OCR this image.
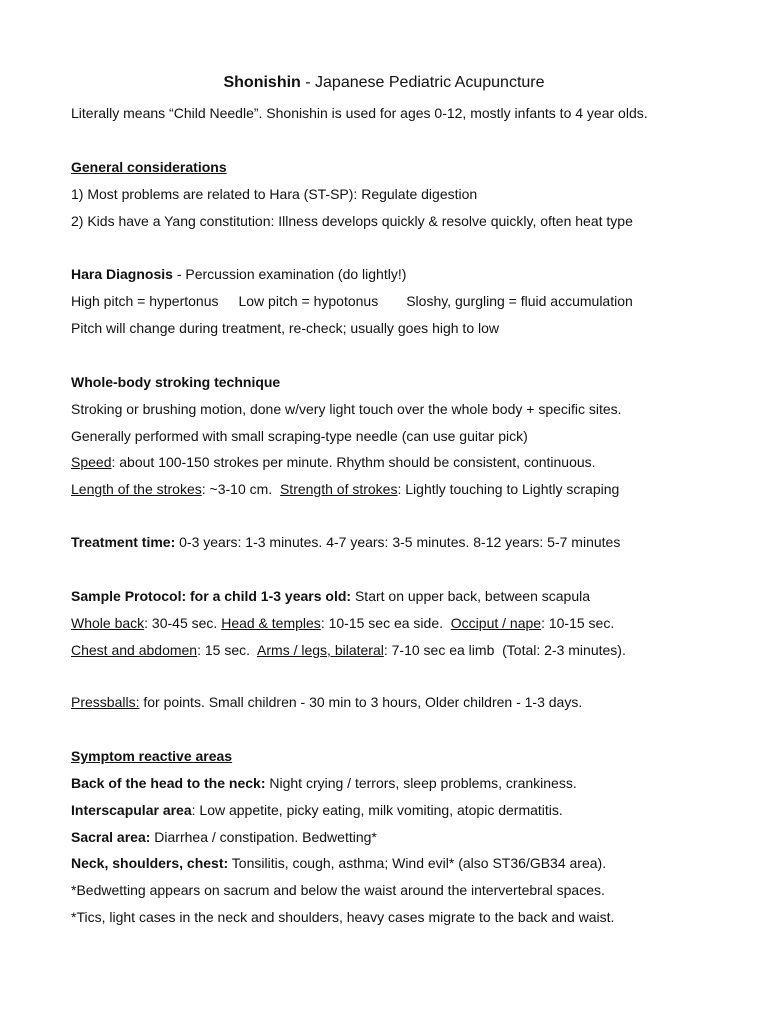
Shonishin - Japanese Pediatric Acupuncture
Literally means “Child Needle”. Shonishin is used for ages 0-12, mostly infants to 4 year olds.
General considerations
1) Most problems are related to Hara (ST-SP): Regulate digestion
2) Kids have a Yang constitution: Illness develops quickly & resolve quickly, often heat type
Hara Diagnosis - Percussion examination (do lightly!)
High pitch = hypertonus Low pitch = hypotonus Sloshy, gurgling = fluid accumulation
Pitch will change during treatment, re-check; usually goes high to low
Whole-body stroking technique
Stroking or brushing motion, done w/very light touch over the whole body + specific sites.
Generally performed with small scraping-type needle (can use guitar pick)
Speed: about 100-150 strokes per minute. Rhythm should be consistent, continuous.
Length of the strokes: ~3-10 cm.  Strength of strokes: Lightly touching to Lightly scraping
Treatment time: 0-3 years: 1-3 minutes. 4-7 years: 3-5 minutes. 8-12 years: 5-7 minutes
Sample Protocol: for a child 1-3 years old: Start on upper back, between scapula
Whole back: 30-45 sec. Head & temples: 10-15 sec ea side.  Occiput / nape: 10-15 sec.
Chest and abdomen: 15 sec.  Arms / legs, bilateral: 7-10 sec ea limb  (Total: 2-3 minutes).
Pressballs: for points. Small children - 30 min to 3 hours, Older children - 1-3 days.
Symptom reactive areas
Back of the head to the neck: Night crying / terrors, sleep problems, crankiness.
Interscapular area: Low appetite, picky eating, milk vomiting, atopic dermatitis.
Sacral area: Diarrhea / constipation. Bedwetting*
Neck, shoulders, chest: Tonsilitis, cough, asthma; Wind evil* (also ST36/GB34 area).
*Bedwetting appears on sacrum and below the waist around the intervertebral spaces.
*Tics, light cases in the neck and shoulders, heavy cases migrate to the back and waist.
